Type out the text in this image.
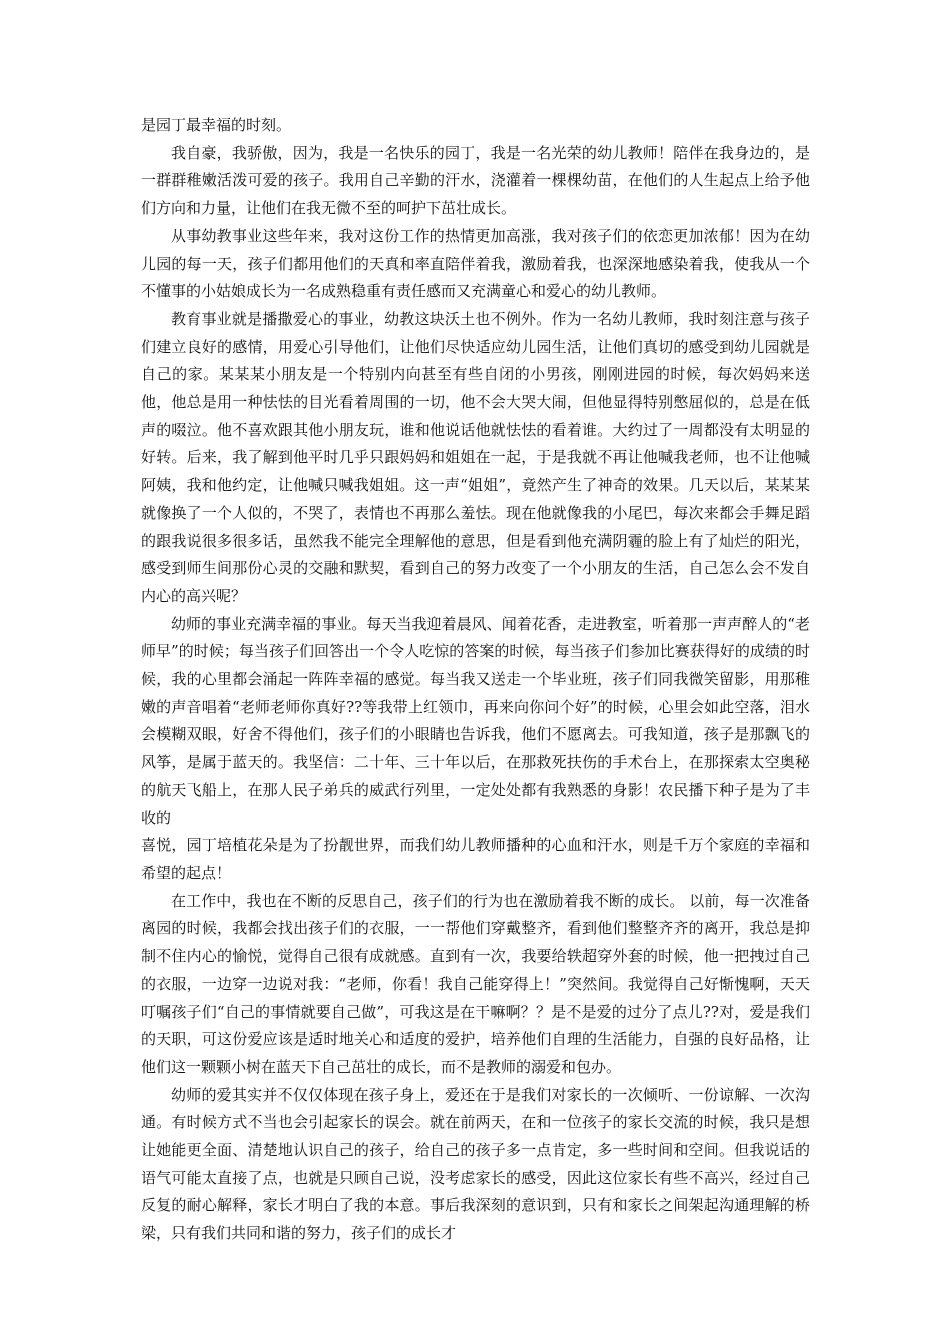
是园丁最幸福的时刻。

我自豪，我骄傲，因为，我是一名快乐的园丁，我是一名光荣的幼儿教师！陪伴在我身边的，是一群群稚嫩活泼可爱的孩子。我用自己辛勤的汗水，浇灌着一棵棵幼苗，在他们的人生起点上给予他们方向和力量，让他们在我无微不至的呵护下茁壮成长。

从事幼教事业这些年来，我对这份工作的热情更加高涨，我对孩子们的依恋更加浓郁！因为在幼儿园的每一天，孩子们都用他们的天真和率直陪伴着我，激励着我，也深深地感染着我，使我从一个不懂事的小姑娘成长为一名成熟稳重有责任感而又充满童心和爱心的幼儿教师。

教育事业就是播撒爱心的事业，幼教这块沃土也不例外。作为一名幼儿教师，我时刻注意与孩子们建立良好的感情，用爱心引导他们，让他们尽快适应幼儿园生活，让他们真切的感受到幼儿园就是自己的家。某某某小朋友是一个特别内向甚至有些自闭的小男孩，刚刚进园的时候，每次妈妈来送他，他总是用一种怯怯的目光看着周围的一切，他不会大哭大闹，但他显得特别憋屈似的，总是在低声的啜泣。他不喜欢跟其他小朋友玩，谁和他说话他就怯怯的看着谁。大约过了一周都没有太明显的好转。后来，我了解到他平时几乎只跟妈妈和姐姐在一起，于是我就不再让他喊我老师，也不让他喊阿姨，我和他约定，让他喊只喊我姐姐。这一声“姐姐”，竟然产生了神奇的效果。几天以后，某某某就像换了一个人似的，不哭了，表情也不再那么羞怯。现在他就像我的小尾巴，每次来都会手舞足蹈的跟我说很多很多话，虽然我不能完全理解他的意思，但是看到他充满阴霾的脸上有了灿烂的阳光，感受到师生间那份心灵的交融和默契，看到自己的努力改变了一个小朋友的生活，自己怎么会不发自内心的高兴呢？

幼师的事业充满幸福的事业。每天当我迎着晨风、闻着花香，走进教室，听着那一声声醉人的“老师早”的时候；每当孩子们回答出一个令人吃惊的答案的时候，每当孩子们参加比赛获得好的成绩的时候，我的心里都会涌起一阵阵幸福的感觉。每当我又送走一个毕业班，孩子们同我微笑留影，用那稚嫩的声音唱着“老师老师你真好??等我带上红领巾，再来向你问个好”的时候，心里会如此空落，泪水会模糊双眼，好舍不得他们，孩子们的小眼睛也告诉我，他们不愿离去。可我知道，孩子是那飘飞的风筝，是属于蓝天的。我坚信：二十年、三十年以后，在那救死扶伤的手术台上，在那探索太空奥秘的航天飞船上，在那人民子弟兵的威武行列里，一定处处都有我熟悉的身影！农民播下种子是为了丰收的

喜悦，园丁培植花朵是为了扮靓世界，而我们幼儿教师播种的心血和汗水，则是千万个家庭的幸福和希望的起点！

在工作中，我也在不断的反思自己，孩子们的行为也在激励着我不断的成长。 以前，每一次准备离园的时候，我都会找出孩子们的衣服，一一帮他们穿戴整齐，看到他们整整齐齐的离开，我总是抑制不住内心的愉悦，觉得自己很有成就感。直到有一次，我要给轶超穿外套的时候，他一把拽过自己的衣服，一边穿一边说对我：“老师，你看！我自己能穿得上！”突然间。我觉得自己好惭愧啊，天天叮嘱孩子们“自己的事情就要自己做”，可我这是在干嘛啊？？是不是爱的过分了点儿??对，爱是我们的天职，可这份爱应该是适时地关心和适度的爱护，培养他们自理的生活能力，自强的良好品格，让他们这一颗颗小树在蓝天下自己茁壮的成长，而不是教师的溺爱和包办。

幼师的爱其实并不仅仅体现在孩子身上，爱还在于是我们对家长的一次倾听、一份谅解、一次沟通。有时候方式不当也会引起家长的误会。就在前两天，在和一位孩子的家长交流的时候，我只是想让她能更全面、清楚地认识自己的孩子，给自己的孩子多一点肯定，多一些时间和空间。但我说话的语气可能太直接了点，也就是只顾自己说，没考虑家长的感受，因此这位家长有些不高兴，经过自己反复的耐心解释，家长才明白了我的本意。事后我深刻的意识到，只有和家长之间架起沟通理解的桥梁，只有我们共同和谐的努力，孩子们的成长才
